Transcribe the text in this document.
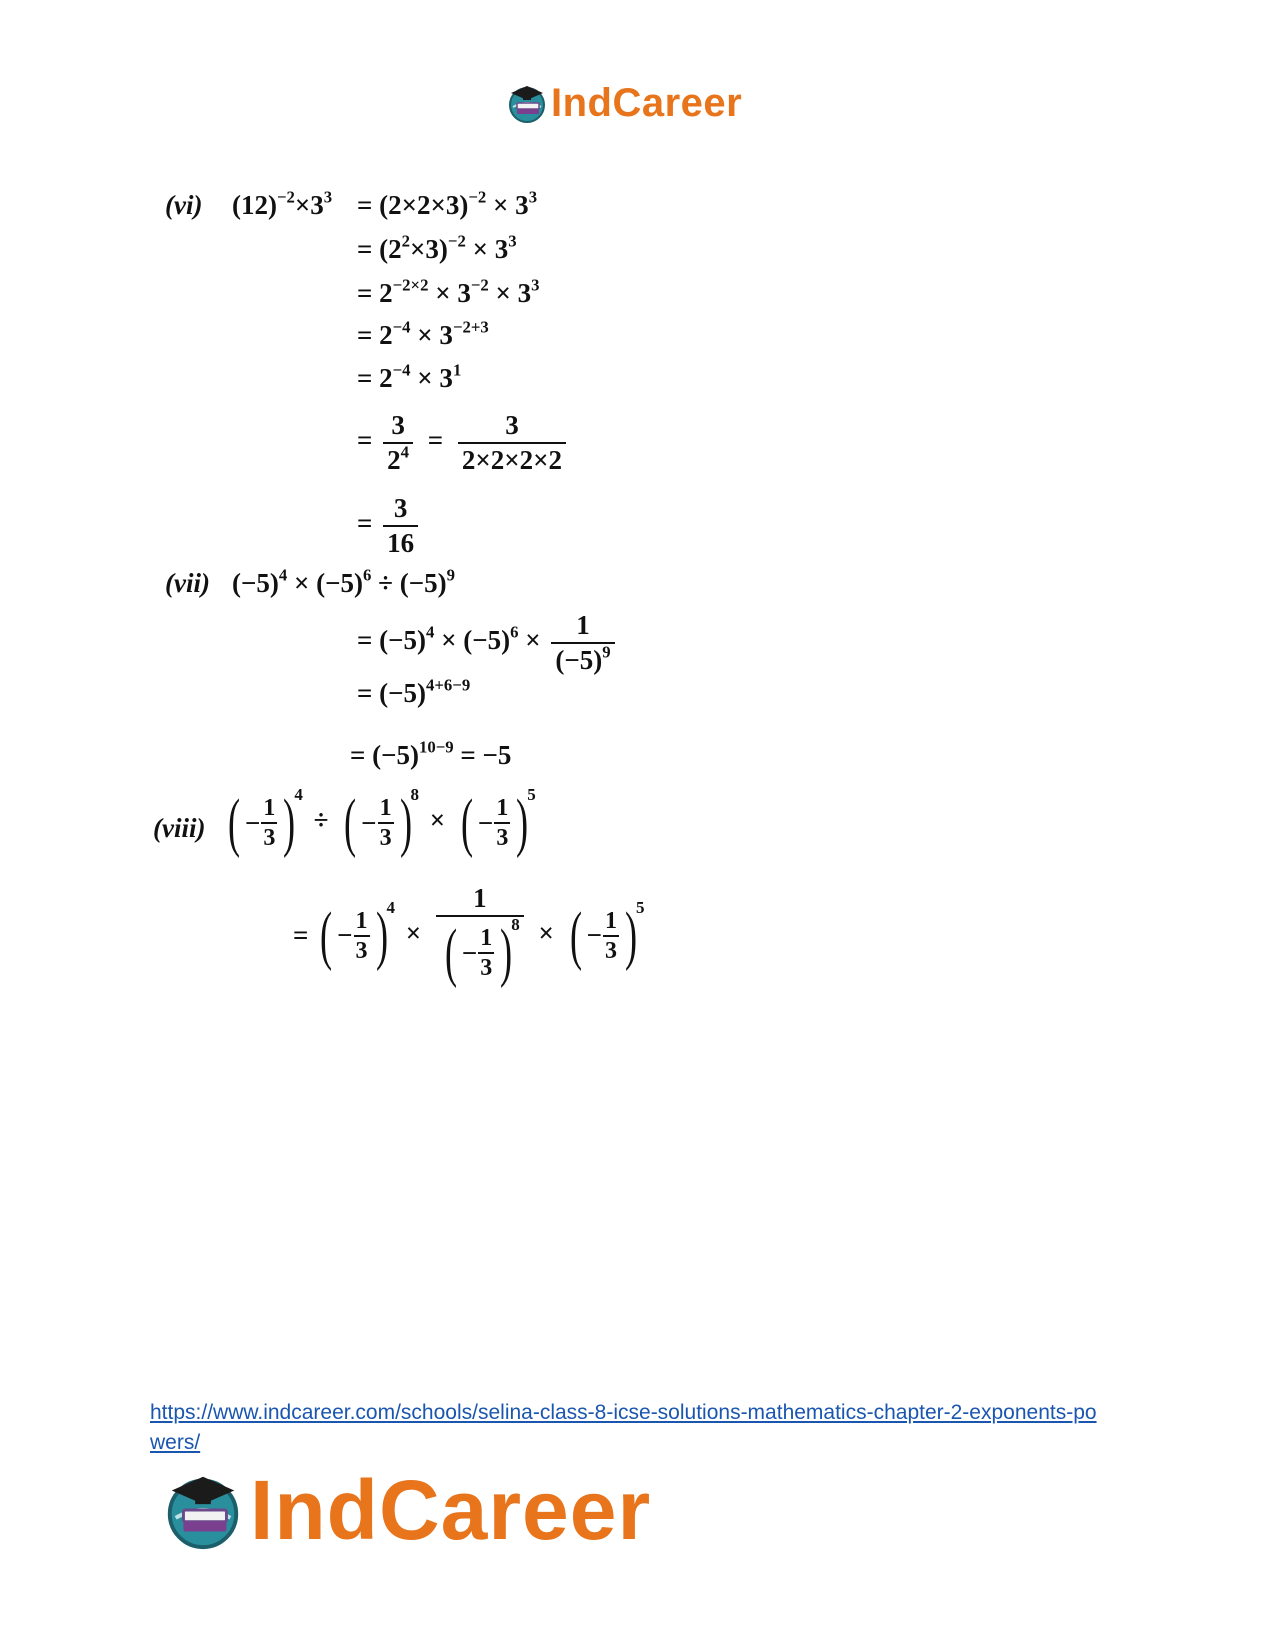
IndCareer
(vi) $(12)^{-2}\times 3^3 = (2\times 2\times 3)^{-2} \times 3^3$
= $(2^2\times 3)^{-2} \times 3^3$
= $2^{-2\times 2} \times 3^{-2} \times 3^3$
= $2^{-4} \times 3^{-2+3}$
= $2^{-4} \times 3^1$
= $\frac{3}{2^4} = \frac{3}{2\times 2\times 2\times 2}$
= $\frac{3}{16}$
(vii) $(-5)^4 \times (-5)^6 \div (-5)^9$
= $(-5)^4 \times (-5)^6 \times \frac{1}{(-5)^9}$
= $(-5)^{4+6-9}$
= $(-5)^{10-9} = -5$
(viii) ( − $\frac{1}{3}$ )
4
÷ ( − $\frac{1}{3}$ )
8
× ( − $\frac{1}{3}$ )
5
= ( − $\frac{1}{3}$ )
4
× 1
( − $\frac{1}{3}$ )
8 × ( − $\frac{1}{3}$ )
5
https://www.indcareer.com/schools/selina-class-8-icse-solutions-mathematics-chapter-2-exponents-powers/
IndCareer
